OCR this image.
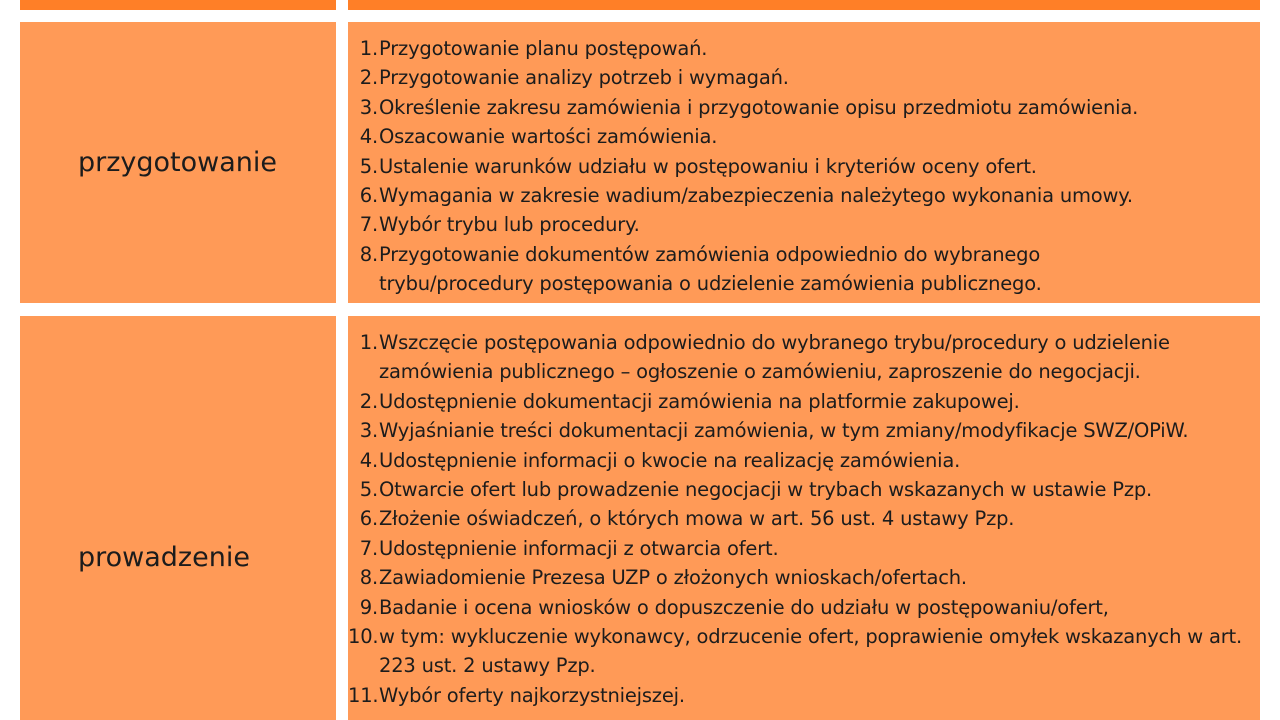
przygotowanie
1. Przygotowanie planu postępowań.
2. Przygotowanie analizy potrzeb i wymagań.
3. Określenie zakresu zamówienia i przygotowanie opisu przedmiotu zamówienia.
4. Oszacowanie wartości zamówienia.
5. Ustalenie warunków udziału w postępowaniu i kryteriów oceny ofert.
6. Wymagania w zakresie wadium/zabezpieczenia należytego wykonania umowy.
7. Wybór trybu lub procedury.
8. Przygotowanie dokumentów zamówienia odpowiednio do wybranego trybu/procedury postępowania o udzielenie zamówienia publicznego.
prowadzenie
1. Wszczęcie postępowania odpowiednio do wybranego trybu/procedury o udzielenie zamówienia publicznego – ogłoszenie o zamówieniu, zaproszenie do negocjacji.
2. Udostępnienie dokumentacji zamówienia na platformie zakupowej.
3. Wyjaśnianie treści dokumentacji zamówienia, w tym zmiany/modyfikacje SWZ/OPiW.
4. Udostępnienie informacji o kwocie na realizację zamówienia.
5. Otwarcie ofert lub prowadzenie negocjacji w trybach wskazanych w ustawie Pzp.
6. Złożenie oświadczeń, o których mowa w art. 56 ust. 4 ustawy Pzp.
7. Udostępnienie informacji z otwarcia ofert.
8. Zawiadomienie Prezesa UZP o złożonych wnioskach/ofertach.
9. Badanie i ocena wniosków o dopuszczenie do udziału w postępowaniu/ofert,
10. w tym: wykluczenie wykonawcy, odrzucenie ofert, poprawienie omyłek wskazanych w art. 223 ust. 2 ustawy Pzp.
11. Wybór oferty najkorzystniejszej.
